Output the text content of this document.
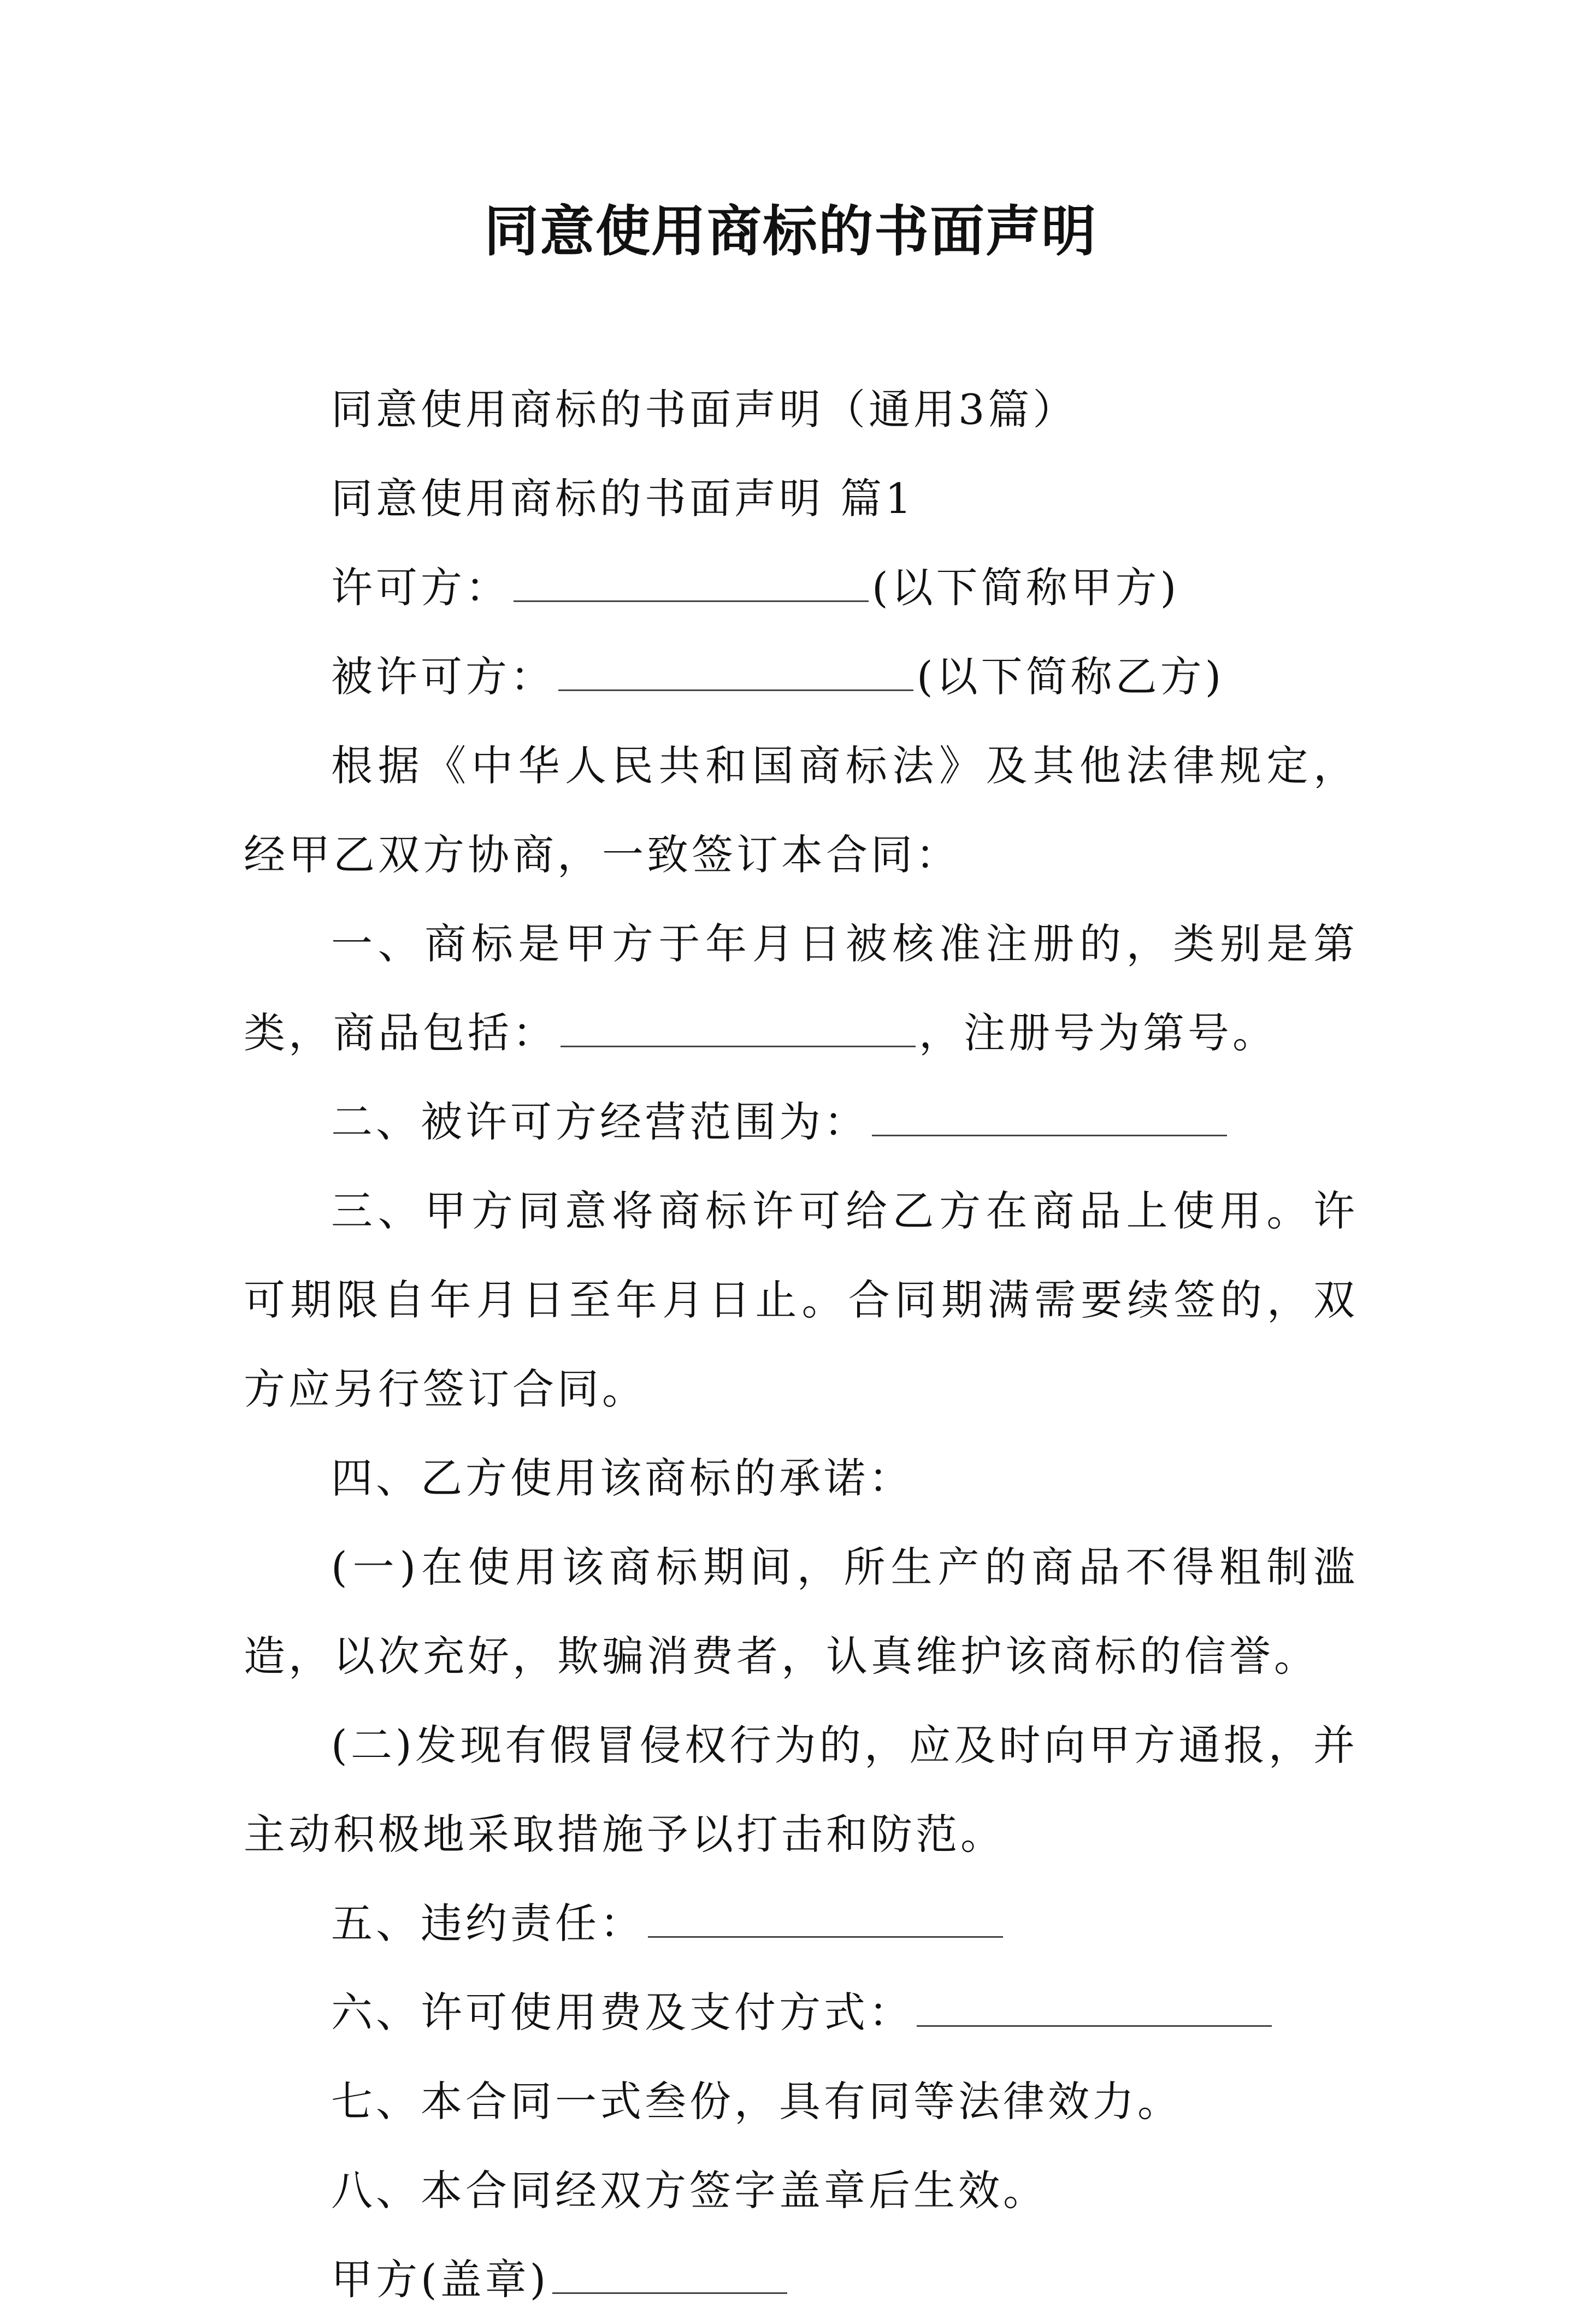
同意使用商标的书面声明

同意使用商标的书面声明（通用3篇）

同意使用商标的书面声明 篇1

许可方：	(以下简称甲方)

被许可方：	(以下简称乙方)

根据《中华人民共和国商标法》及其他法律规定，经甲乙双方协商，一致签订本合同：

一、商标是甲方于年月日被核准注册的，类别是第类，商品包括：	，注册号为第号。

二、被许可方经营范围为：

三、甲方同意将商标许可给乙方在商品上使用。许可期限自年月日至年月日止。合同期满需要续签的，双方应另行签订合同。

四、乙方使用该商标的承诺：

(一)在使用该商标期间，所生产的商品不得粗制滥造，以次充好，欺骗消费者，认真维护该商标的信誉。

(二)发现有假冒侵权行为的，应及时向甲方通报，并主动积极地采取措施予以打击和防范。

五、违约责任：

六、许可使用费及支付方式：

七、本合同一式叁份，具有同等法律效力。

八、本合同经双方签字盖章后生效。

甲方(盖章)
